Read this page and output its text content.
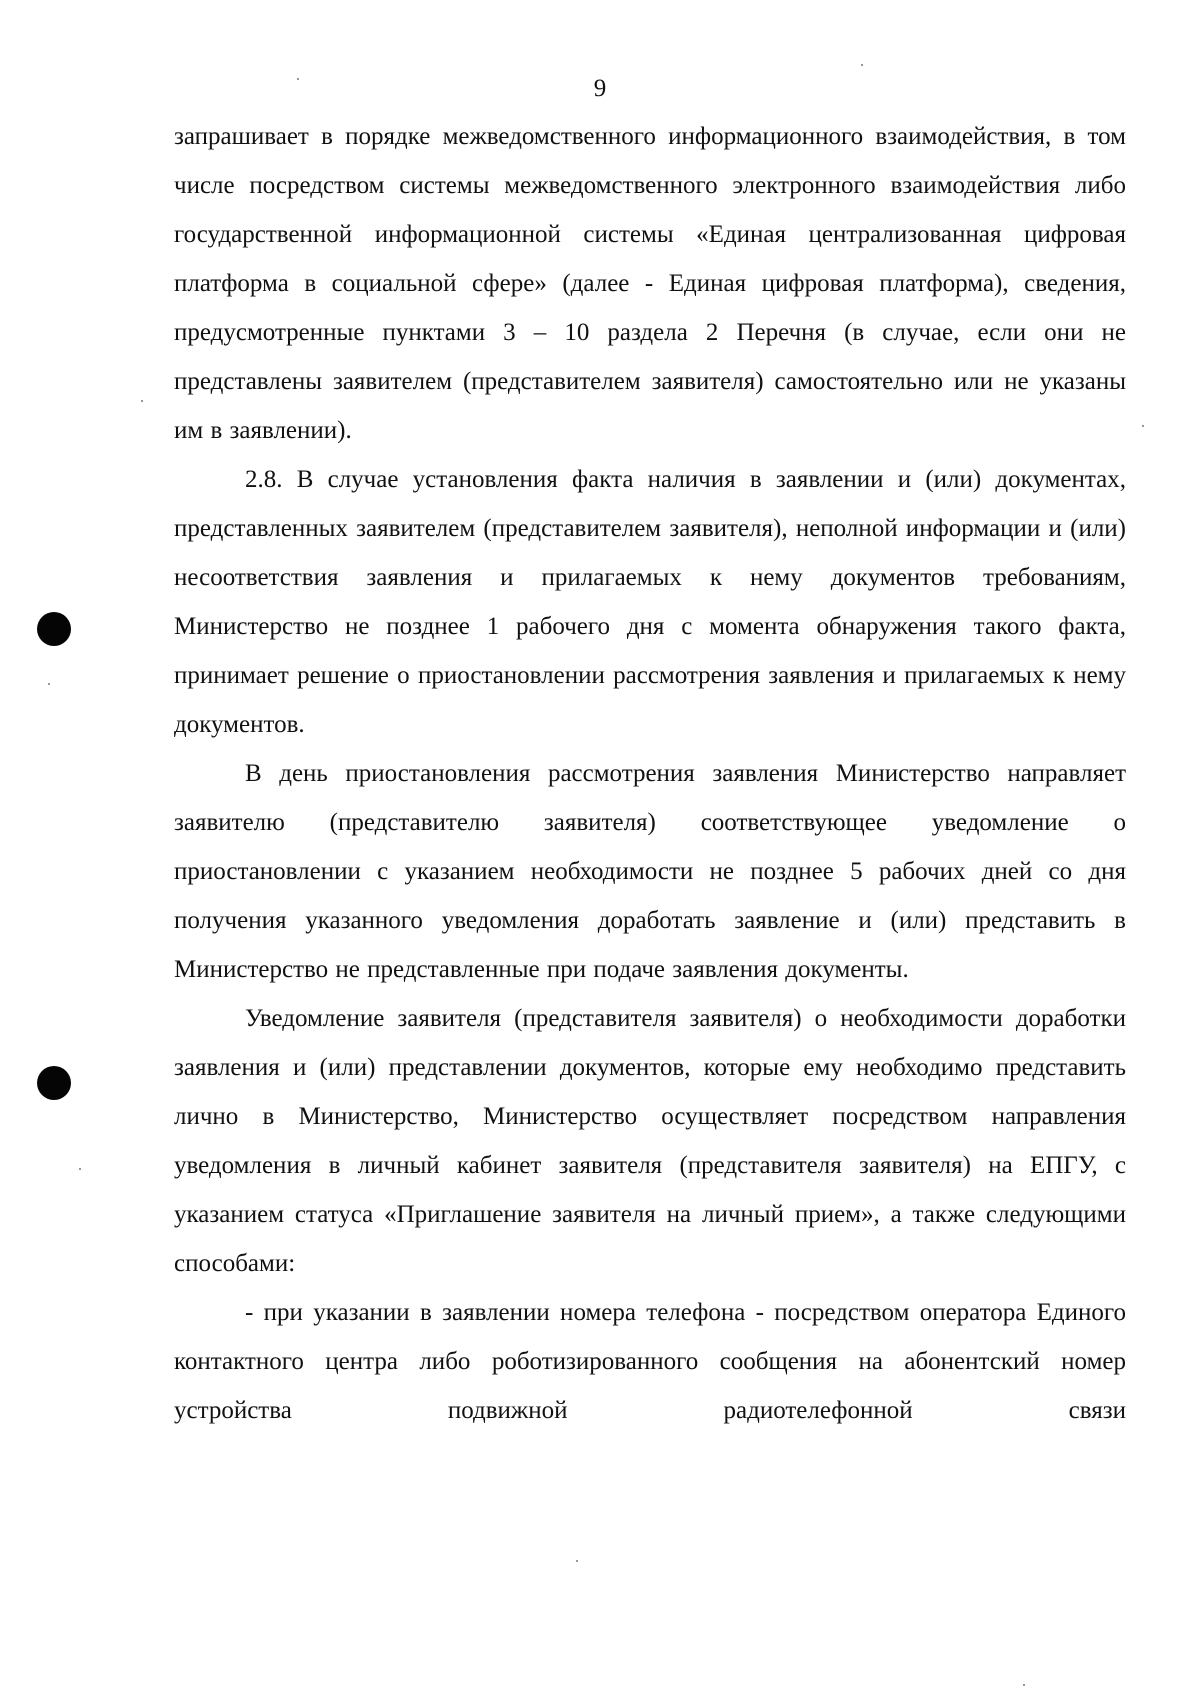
9

запрашивает в порядке межведомственного информационного взаимодействия, в том числе посредством системы межведомственного электронного взаимодействия либо государственной информационной системы «Единая централизованная цифровая платформа в социальной сфере» (далее - Единая цифровая платформа), сведения, предусмотренные пунктами 3 – 10 раздела 2 Перечня (в случае, если они не представлены заявителем (представителем заявителя) самостоятельно или не указаны им в заявлении).

2.8. В случае установления факта наличия в заявлении и (или) документах, представленных заявителем (представителем заявителя), неполной информации и (или) несоответствия заявления и прилагаемых к нему документов требованиям, Министерство не позднее 1 рабочего дня с момента обнаружения такого факта, принимает решение о приостановлении рассмотрения заявления и прилагаемых к нему документов.

В день приостановления рассмотрения заявления Министерство направляет заявителю (представителю заявителя) соответствующее уведомление о приостановлении с указанием необходимости не позднее 5 рабочих дней со дня получения указанного уведомления доработать заявление и (или) представить в Министерство не представленные при подаче заявления документы.

Уведомление заявителя (представителя заявителя) о необходимости доработки заявления и (или) представлении документов, которые ему необходимо представить лично в Министерство, Министерство осуществляет посредством направления уведомления в личный кабинет заявителя (представителя заявителя) на ЕПГУ, с указанием статуса «Приглашение заявителя на личный прием», а также следующими способами:

- при указании в заявлении номера телефона - посредством оператора Единого контактного центра либо роботизированного сообщения на абонентский номер устройства подвижной радиотелефонной связи
